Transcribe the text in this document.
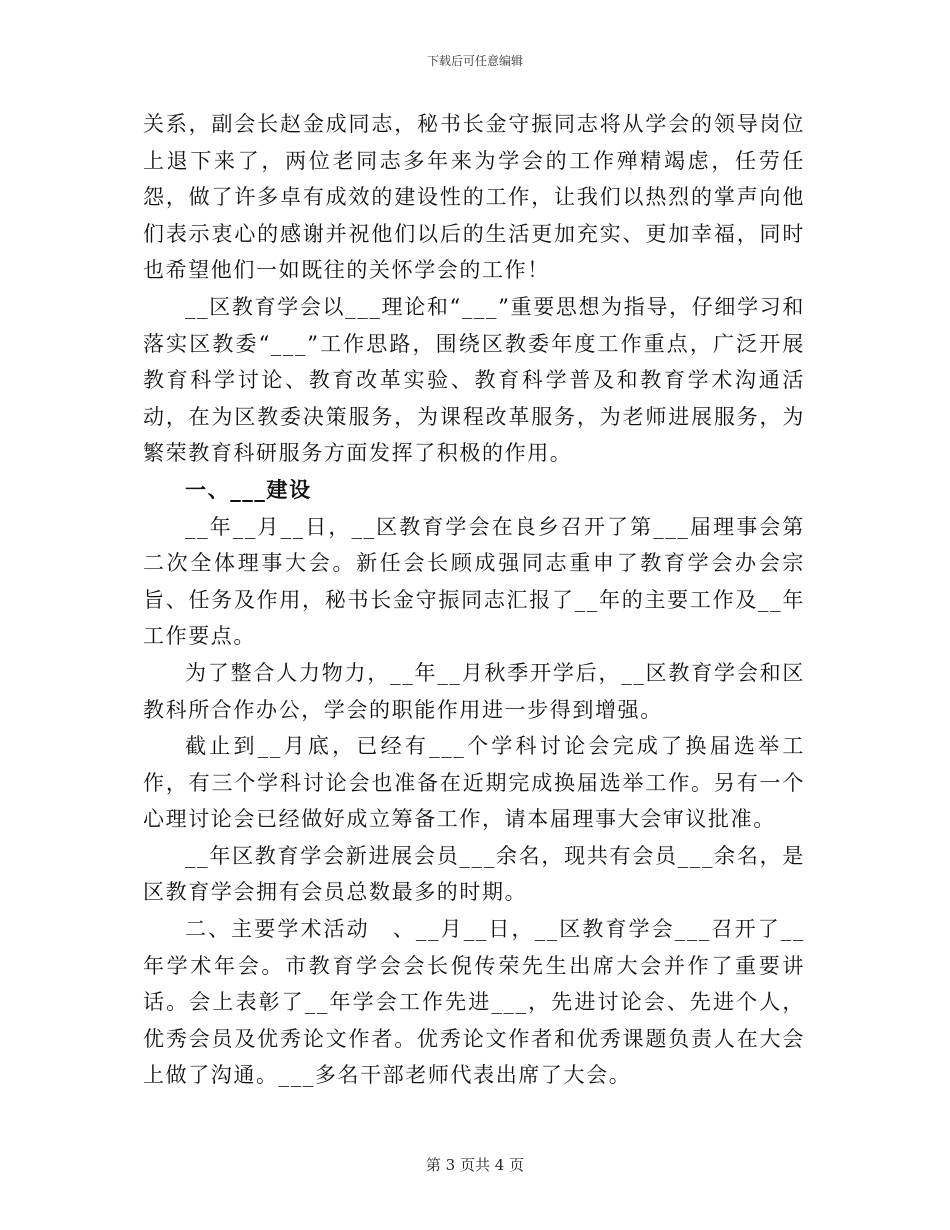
下载后可任意编辑

关系，副会长赵金成同志，秘书长金守振同志将从学会的领导岗位上退下来了，两位老同志多年来为学会的工作殚精竭虑，任劳任怨，做了许多卓有成效的建设性的工作，让我们以热烈的掌声向他们表示衷心的感谢并祝他们以后的生活更加充实、更加幸福，同时也希望他们一如既往的关怀学会的工作！

__区教育学会以___理论和“___”重要思想为指导，仔细学习和落实区教委“___”工作思路，围绕区教委年度工作重点，广泛开展教育科学讨论、教育改革实验、教育科学普及和教育学术沟通活动，在为区教委决策服务，为课程改革服务，为老师进展服务，为繁荣教育科研服务方面发挥了积极的作用。

一、___建设

__年__月__日，__区教育学会在良乡召开了第___届理事会第二次全体理事大会。新任会长顾成强同志重申了教育学会办会宗旨、任务及作用，秘书长金守振同志汇报了__年的主要工作及__年工作要点。

为了整合人力物力，__年__月秋季开学后，__区教育学会和区教科所合作办公，学会的职能作用进一步得到增强。

截止到__月底，已经有___个学科讨论会完成了换届选举工作，有三个学科讨论会也准备在近期完成换届选举工作。另有一个心理讨论会已经做好成立筹备工作，请本届理事大会审议批准。

__年区教育学会新进展会员___余名，现共有会员___余名，是区教育学会拥有会员总数最多的时期。

二、主要学术活动　、__月__日，__区教育学会___召开了__年学术年会。市教育学会会长倪传荣先生出席大会并作了重要讲话。会上表彰了__年学会工作先进___，先进讨论会、先进个人，优秀会员及优秀论文作者。优秀论文作者和优秀课题负责人在大会上做了沟通。___多名干部老师代表出席了大会。

第 3 页共 4 页
